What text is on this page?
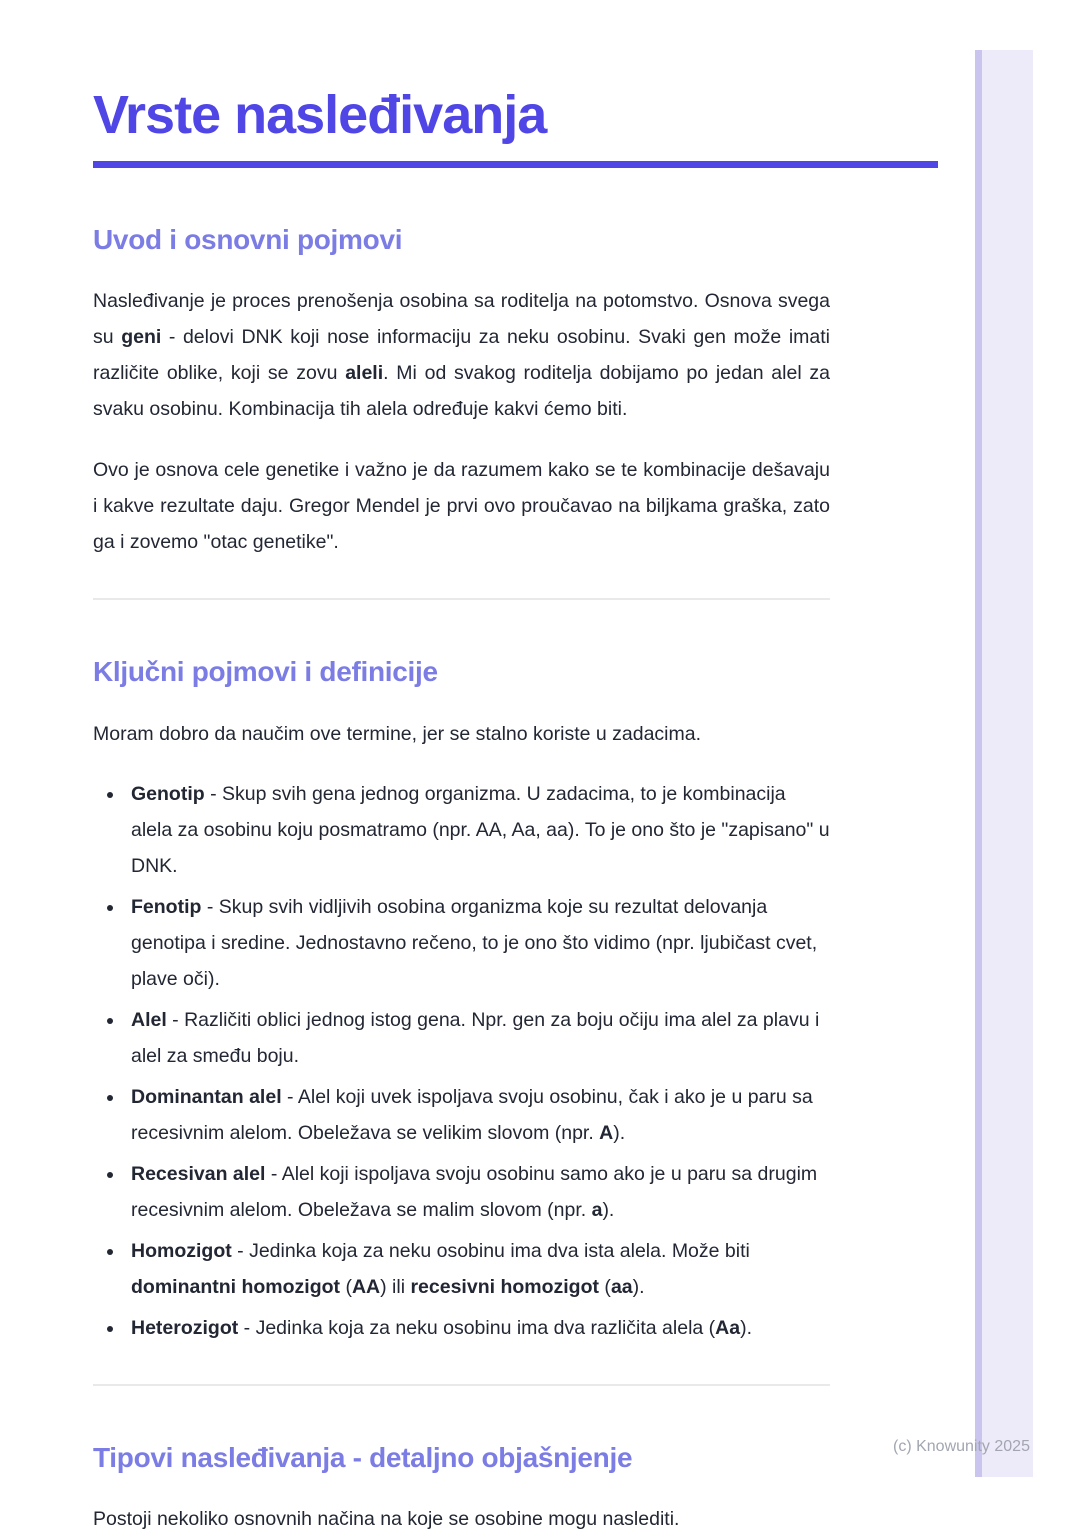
Vrste nasleđivanja
Uvod i osnovni pojmovi

Nasleđivanje je proces prenošenja osobina sa roditelja na potomstvo. Osnova svega su geni - delovi DNK koji nose informaciju za neku osobinu. Svaki gen može imati različite oblike, koji se zovu aleli. Mi od svakog roditelja dobijamo po jedan alel za svaku osobinu. Kombinacija tih alela određuje kakvi ćemo biti.

Ovo je osnova cele genetike i važno je da razumem kako se te kombinacije dešavaju i kakve rezultate daju. Gregor Mendel je prvi ovo proučavao na biljkama graška, zato ga i zovemo "otac genetike".

Ključni pojmovi i definicije

Moram dobro da naučim ove termine, jer se stalno koriste u zadacima.

• Genotip - Skup svih gena jednog organizma. U zadacima, to je kombinacija alela za osobinu koju posmatramo (npr. AA, Aa, aa). To je ono što je "zapisano" u DNK.
• Fenotip - Skup svih vidljivih osobina organizma koje su rezultat delovanja genotipa i sredine. Jednostavno rečeno, to je ono što vidimo (npr. ljubičast cvet, plave oči).
• Alel - Različiti oblici jednog istog gena. Npr. gen za boju očiju ima alel za plavu i alel za smeđu boju.
• Dominantan alel - Alel koji uvek ispoljava svoju osobinu, čak i ako je u paru sa recesivnim alelom. Obeležava se velikim slovom (npr. A).
• Recesivan alel - Alel koji ispoljava svoju osobinu samo ako je u paru sa drugim recesivnim alelom. Obeležava se malim slovom (npr. a).
• Homozigot - Jedinka koja za neku osobinu ima dva ista alela. Može biti dominantni homozigot (AA) ili recesivni homozigot (aa).
• Heterozigot - Jedinka koja za neku osobinu ima dva različita alela (Aa).
Tipovi nasleđivanja - detaljno objašnjenje

Postoji nekoliko osnovnih načina na koje se osobine mogu naslediti.

(c) Knowunity 2025
